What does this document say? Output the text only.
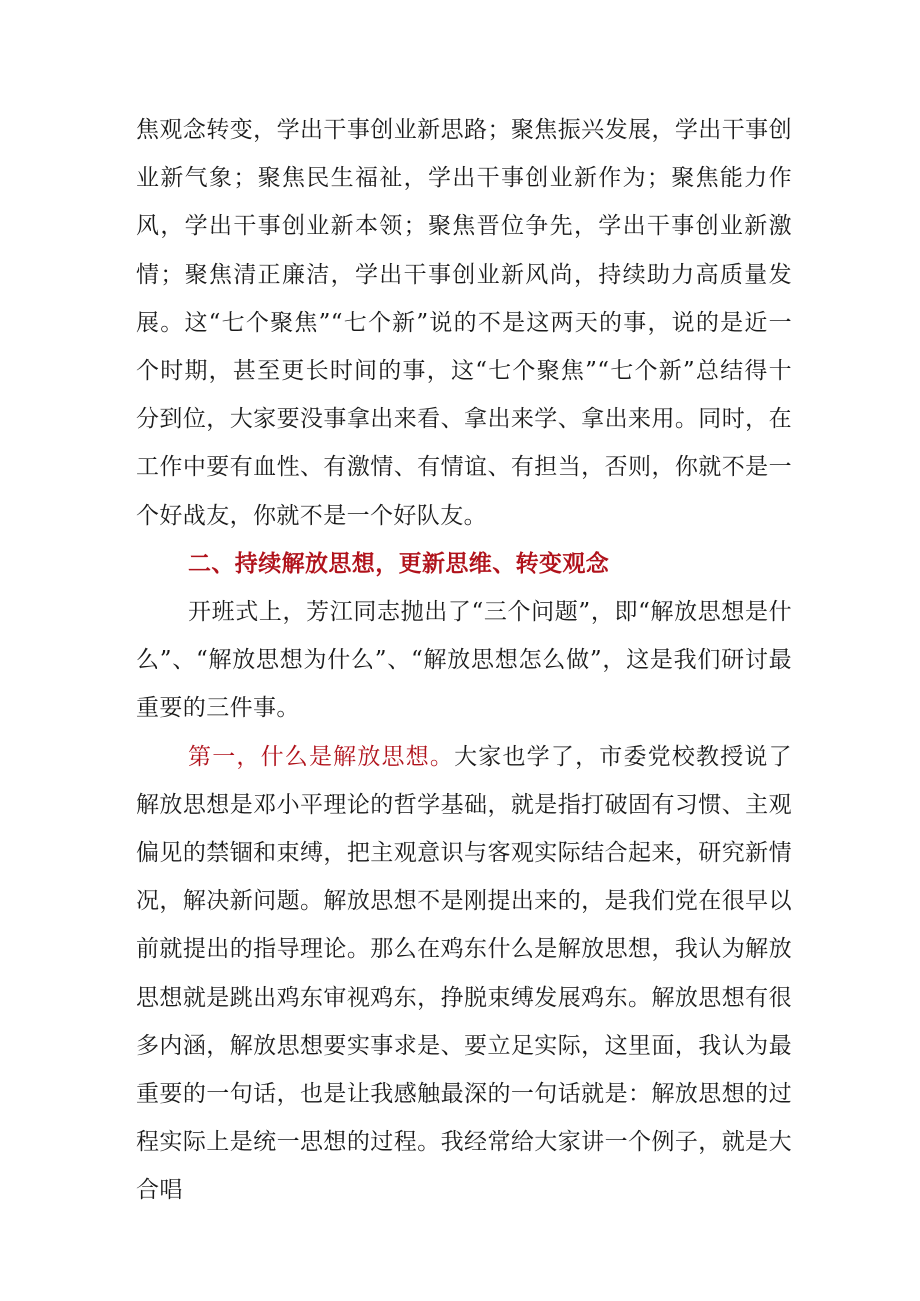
焦观念转变，学出干事创业新思路；聚焦振兴发展，学出干事创业新气象；聚焦民生福祉，学出干事创业新作为；聚焦能力作风，学出干事创业新本领；聚焦晋位争先，学出干事创业新激情；聚焦清正廉洁，学出干事创业新风尚，持续助力高质量发展。这“七个聚焦”“七个新”说的不是这两天的事，说的是近一个时期，甚至更长时间的事，这“七个聚焦”“七个新”总结得十分到位，大家要没事拿出来看、拿出来学、拿出来用。同时，在工作中要有血性、有激情、有情谊、有担当，否则，你就不是一个好战友，你就不是一个好队友。

二、持续解放思想，更新思维、转变观念

开班式上，芳江同志抛出了“三个问题”，即“解放思想是什么”、“解放思想为什么”、“解放思想怎么做”，这是我们研讨最重要的三件事。

第一，什么是解放思想。大家也学了，市委党校教授说了解放思想是邓小平理论的哲学基础，就是指打破固有习惯、主观偏见的禁锢和束缚，把主观意识与客观实际结合起来，研究新情况，解决新问题。解放思想不是刚提出来的，是我们党在很早以前就提出的指导理论。那么在鸡东什么是解放思想，我认为解放思想就是跳出鸡东审视鸡东，挣脱束缚发展鸡东。解放思想有很多内涵，解放思想要实事求是、要立足实际，这里面，我认为最重要的一句话，也是让我感触最深的一句话就是：解放思想的过程实际上是统一思想的过程。我经常给大家讲一个例子，就是大合唱
